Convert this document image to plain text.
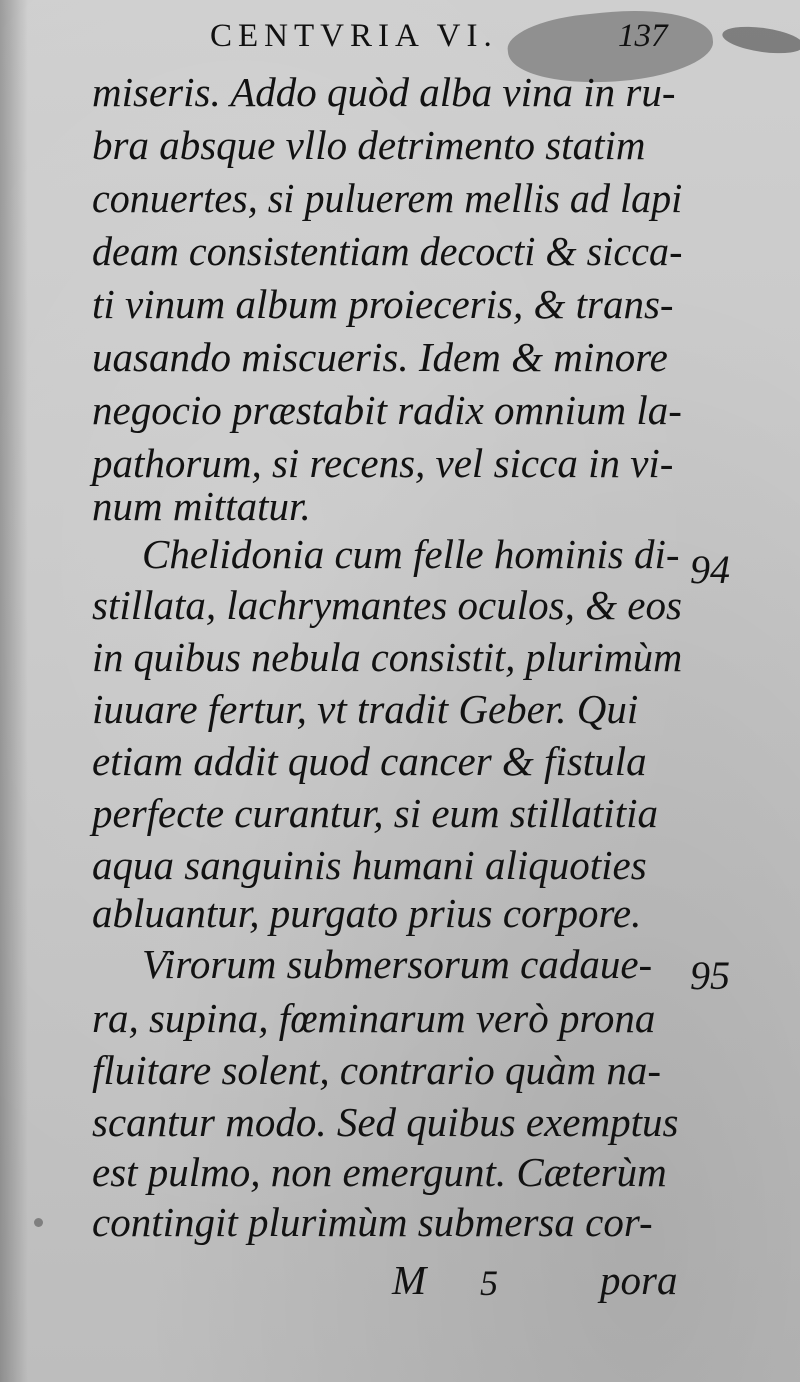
CENTVRIA VI.	137
miseris. Addo quòd alba vina in ru-
bra absque vllo detrimento statim
conuertes, si puluerem mellis ad lapi
deam consistentiam decocti & sicca-
ti vinum album proieceris, & trans-
uasando miscueris. Idem & minore
negocio præstabit radix omnium la-
pathorum, si recens, vel sicca in vi-
num mittatur.
Chelidonia cum felle hominis di- 94
stillata, lachrymantes oculos, & eos
in quibus nebula consistit, plurimùm
iuuare fertur, vt tradit Geber. Qui
etiam addit quod cancer & fistula
perfecte curantur, si eum stillatitia
aqua sanguinis humani aliquoties
abluantur, purgato prius corpore.
Virorum submersorum cadaue- 95
ra, supina, fœminarum verò prona
fluitare solent, contrario quàm na-
scantur modo. Sed quibus exemptus
est pulmo, non emergunt. Cæterùm
contingit plurimùm submersa cor-
M 5 pora
